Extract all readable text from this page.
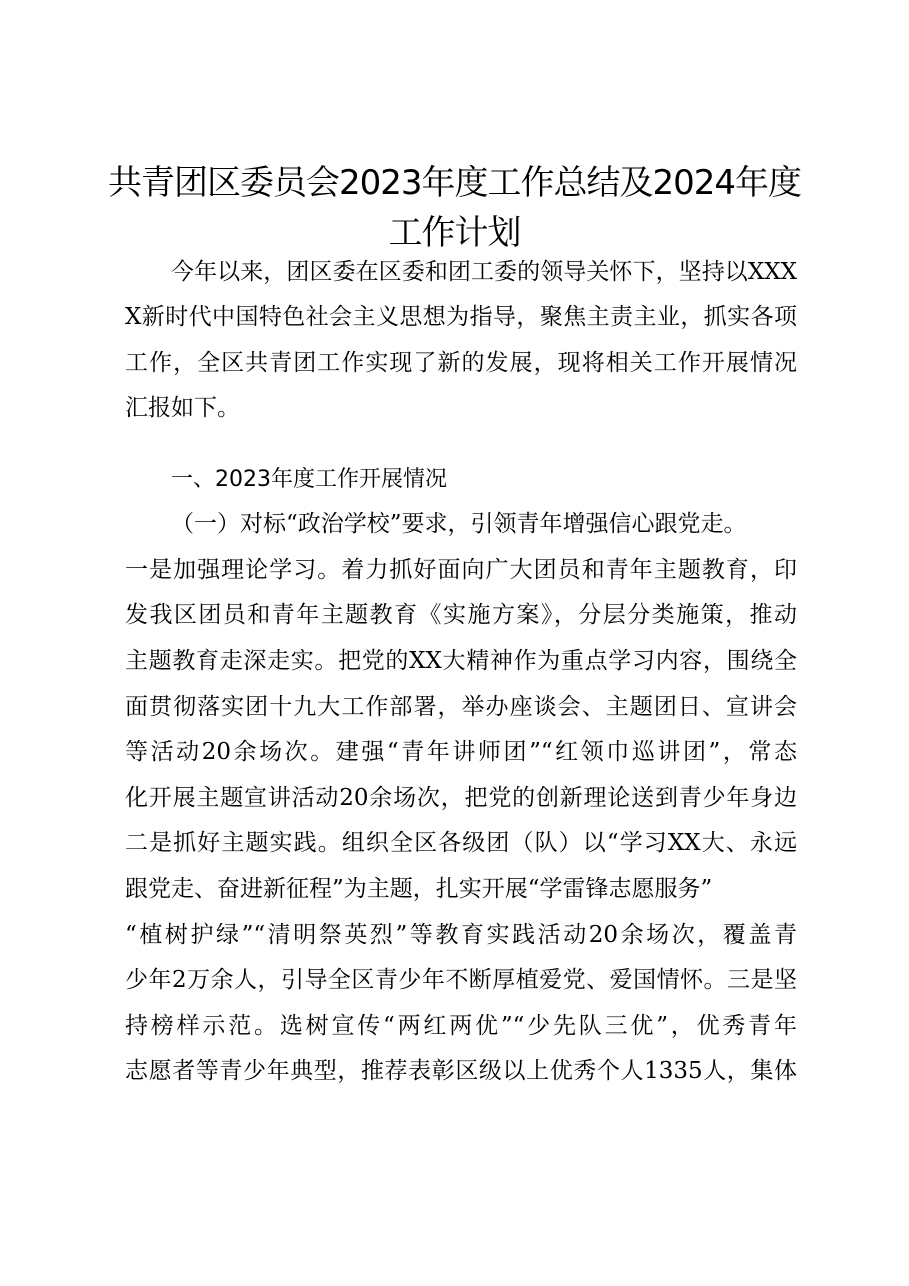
共青团区委员会2023年度工作总结及2024年度
工作计划
今年以来，团区委在区委和团工委的领导关怀下，坚持以XXX
X新时代中国特色社会主义思想为指导，聚焦主责主业，抓实各项
工作，全区共青团工作实现了新的发展，现将相关工作开展情况
汇报如下。
一、2023年度工作开展情况
（一）对标“政治学校”要求，引领青年增强信心跟党走。
一是加强理论学习。着力抓好面向广大团员和青年主题教育，印
发我区团员和青年主题教育《实施方案》，分层分类施策，推动
主题教育走深走实。把党的XX大精神作为重点学习内容，围绕全
面贯彻落实团十九大工作部署，举办座谈会、主题团日、宣讲会
等活动20余场次。建强“青年讲师团”“红领巾巡讲团”，常态
化开展主题宣讲活动20余场次，把党的创新理论送到青少年身边
二是抓好主题实践。组织全区各级团（队）以“学习XX大、永远
跟党走、奋进新征程”为主题，扎实开展“学雷锋志愿服务”
“植树护绿”“清明祭英烈”等教育实践活动20余场次，覆盖青
少年2万余人，引导全区青少年不断厚植爱党、爱国情怀。三是坚
持榜样示范。选树宣传“两红两优”“少先队三优”，优秀青年
志愿者等青少年典型，推荐表彰区级以上优秀个人1335人，集体
